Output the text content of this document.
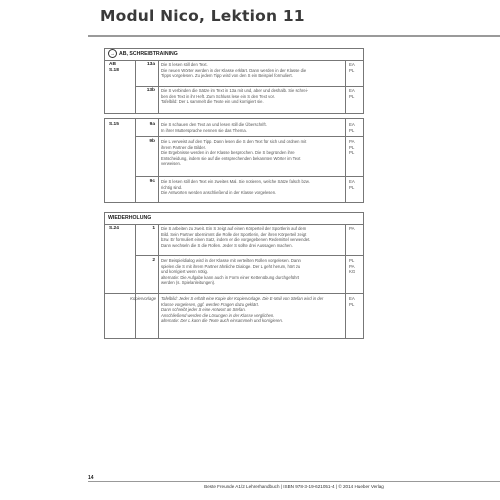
Modul Nico, Lektion 11
→ AB, SCHREIBTRAINING
AB
S.18
13a Die S lesen still den Text.
Die neuen Wörter werden in der Klasse erklärt. Dann werden in der Klasse die
Tipps vorgelesen. Zu jedem Tipp wird von den S ein Beispiel formuliert.
EA
PL
13b Die S verbinden die Sätze im Text in 13a mit und, aber und deshalb. Sie schrei-
ben den Text in ihr Heft. Zum Schluss lese ein S den Text vor.
Tafelbild: Der L sammelt die Texte ein und korrigiert sie.
EA
PL
S.15	9a Die S schauen den Text an und lesen still die Überschrift.
In ihrer Muttersprache nennen sie das Thema.
EA
PL
9b Die L verweist auf den Tipp. Dann lesen die S den Text für sich und ordnen mit
ihrem Partner die Bilder.
Die Ergebnisse werden in der Klasse besprochen. Die S begründen ihre
Entscheidung, indem sie auf die entsprechenden bekannten Wörter im Text
verweisen.
PA
PL
PL
9c Die S lesen still den Text ein zweites Mal. Sie notieren, welche Sätze falsch bzw.
richtig sind.
Die Antworten werden anschließend in der Klasse vorgelesen.
EA
PL
WIEDERHOLUNG
S.24	1 Die S arbeiten zu zweit. Ein S zeigt auf einen Körperteil der Sportlerin auf dem
Bild. Sein Partner übernimmt die Rolle der Sportlerin, der ihren Körperteil zeigt
bzw. Er formuliert einen Satz, indem er die vorgegebenen Redemittel verwendet.
Dann wechseln die S die Rollen. Jeder S sollte drei Aussagen machen.
PA
2 Der Beispieldialog wird in der Klasse mit verteilten Rollen vorgelesen. Dann
spielen die S mit ihrem Partner ähnliche Dialoge. Der L geht herum, hört zu
und korrigiert wenn nötig.
alternativ: Die Aufgabe kann auch in Form einer Kettenübung durchgeführt
werden (s. Spielanleitungen).
PL
PA
KG
Kopiervorlage Tafelbild: Jeder S erhält eine Kopie der Kopiervorlage. Die E-Mail von Stefan wird in der
Klasse vorgelesen, ggf. werden Fragen dazu geklärt.
Dann schreibt jeder S eine Antwort an Stefan.
Anschließend werden die Lösungen in der Klasse verglichen.
alternativ: Der L kann die Texte auch einsammeln und korrigieren.
EA
PL
14
Beste Freunde A1/2 Lehrerhandbuch | ISBN 978-3-19-621051-4 | © 2014 Hueber Verlag
